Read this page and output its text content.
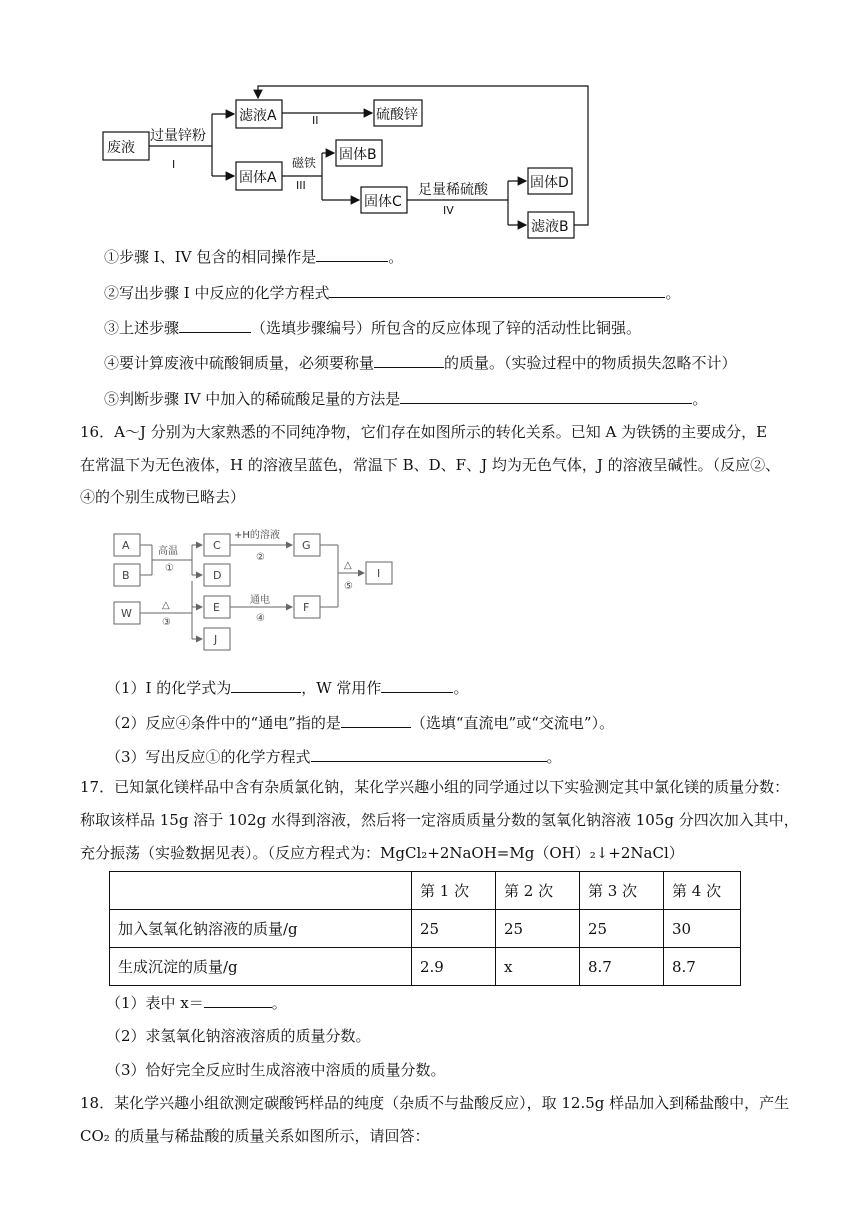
废液
过量锌粉
I
滤液A	II	硫酸锌
固体A
磁铁
III
固体B
固体C
足量稀硫酸
IV
固体D
滤液B
①步骤 I、IV 包含的相同操作是	。
②写出步骤 I 中反应的化学方程式	。
③上述步骤	（选填步骤编号）所包含的反应体现了锌的活动性比铜强。
④要计算废液中硫酸铜质量，必须要称量	的质量。（实验过程中的物质损失忽略不计）
⑤判断步骤 IV 中加入的稀硫酸足量的方法是	。
16．A～J 分别为大家熟悉的不同纯净物，它们存在如图所示的转化关系。已知 A 为铁锈的主要成分，E
在常温下为无色液体，H 的溶液呈蓝色，常温下 B、D、F、J 均为无色气体，J 的溶液呈碱性。（反应②、
④的个别生成物已略去）
A
B
W
C
D
E
J
G
F
I
高温
①
+H的溶液
②
△
③
通电
④
△
⑤
（1）I 的化学式为	，W 常用作	。
（2）反应④条件中的“通电”指的是	（选填“直流电”或“交流电”）。
（3）写出反应①的化学方程式	。
17．已知氯化镁样品中含有杂质氯化钠，某化学兴趣小组的同学通过以下实验测定其中氯化镁的质量分数：
称取该样品 15g 溶于 102g 水得到溶液，然后将一定溶质质量分数的氢氧化钠溶液 105g 分四次加入其中，
充分振荡（实验数据见表）。（反应方程式为：MgCl₂+2NaOH=Mg（OH）₂↓+2NaCl）
	第 1 次	第 2 次	第 3 次	第 4 次
加入氢氧化钠溶液的质量/g	25	25	25	30
生成沉淀的质量/g	2.9	x	8.7	8.7
（1）表中 x＝	。
（2）求氢氧化钠溶液溶质的质量分数。
（3）恰好完全反应时生成溶液中溶质的质量分数。
18．某化学兴趣小组欲测定碳酸钙样品的纯度（杂质不与盐酸反应），取 12.5g 样品加入到稀盐酸中，产生
CO₂ 的质量与稀盐酸的质量关系如图所示，请回答：
